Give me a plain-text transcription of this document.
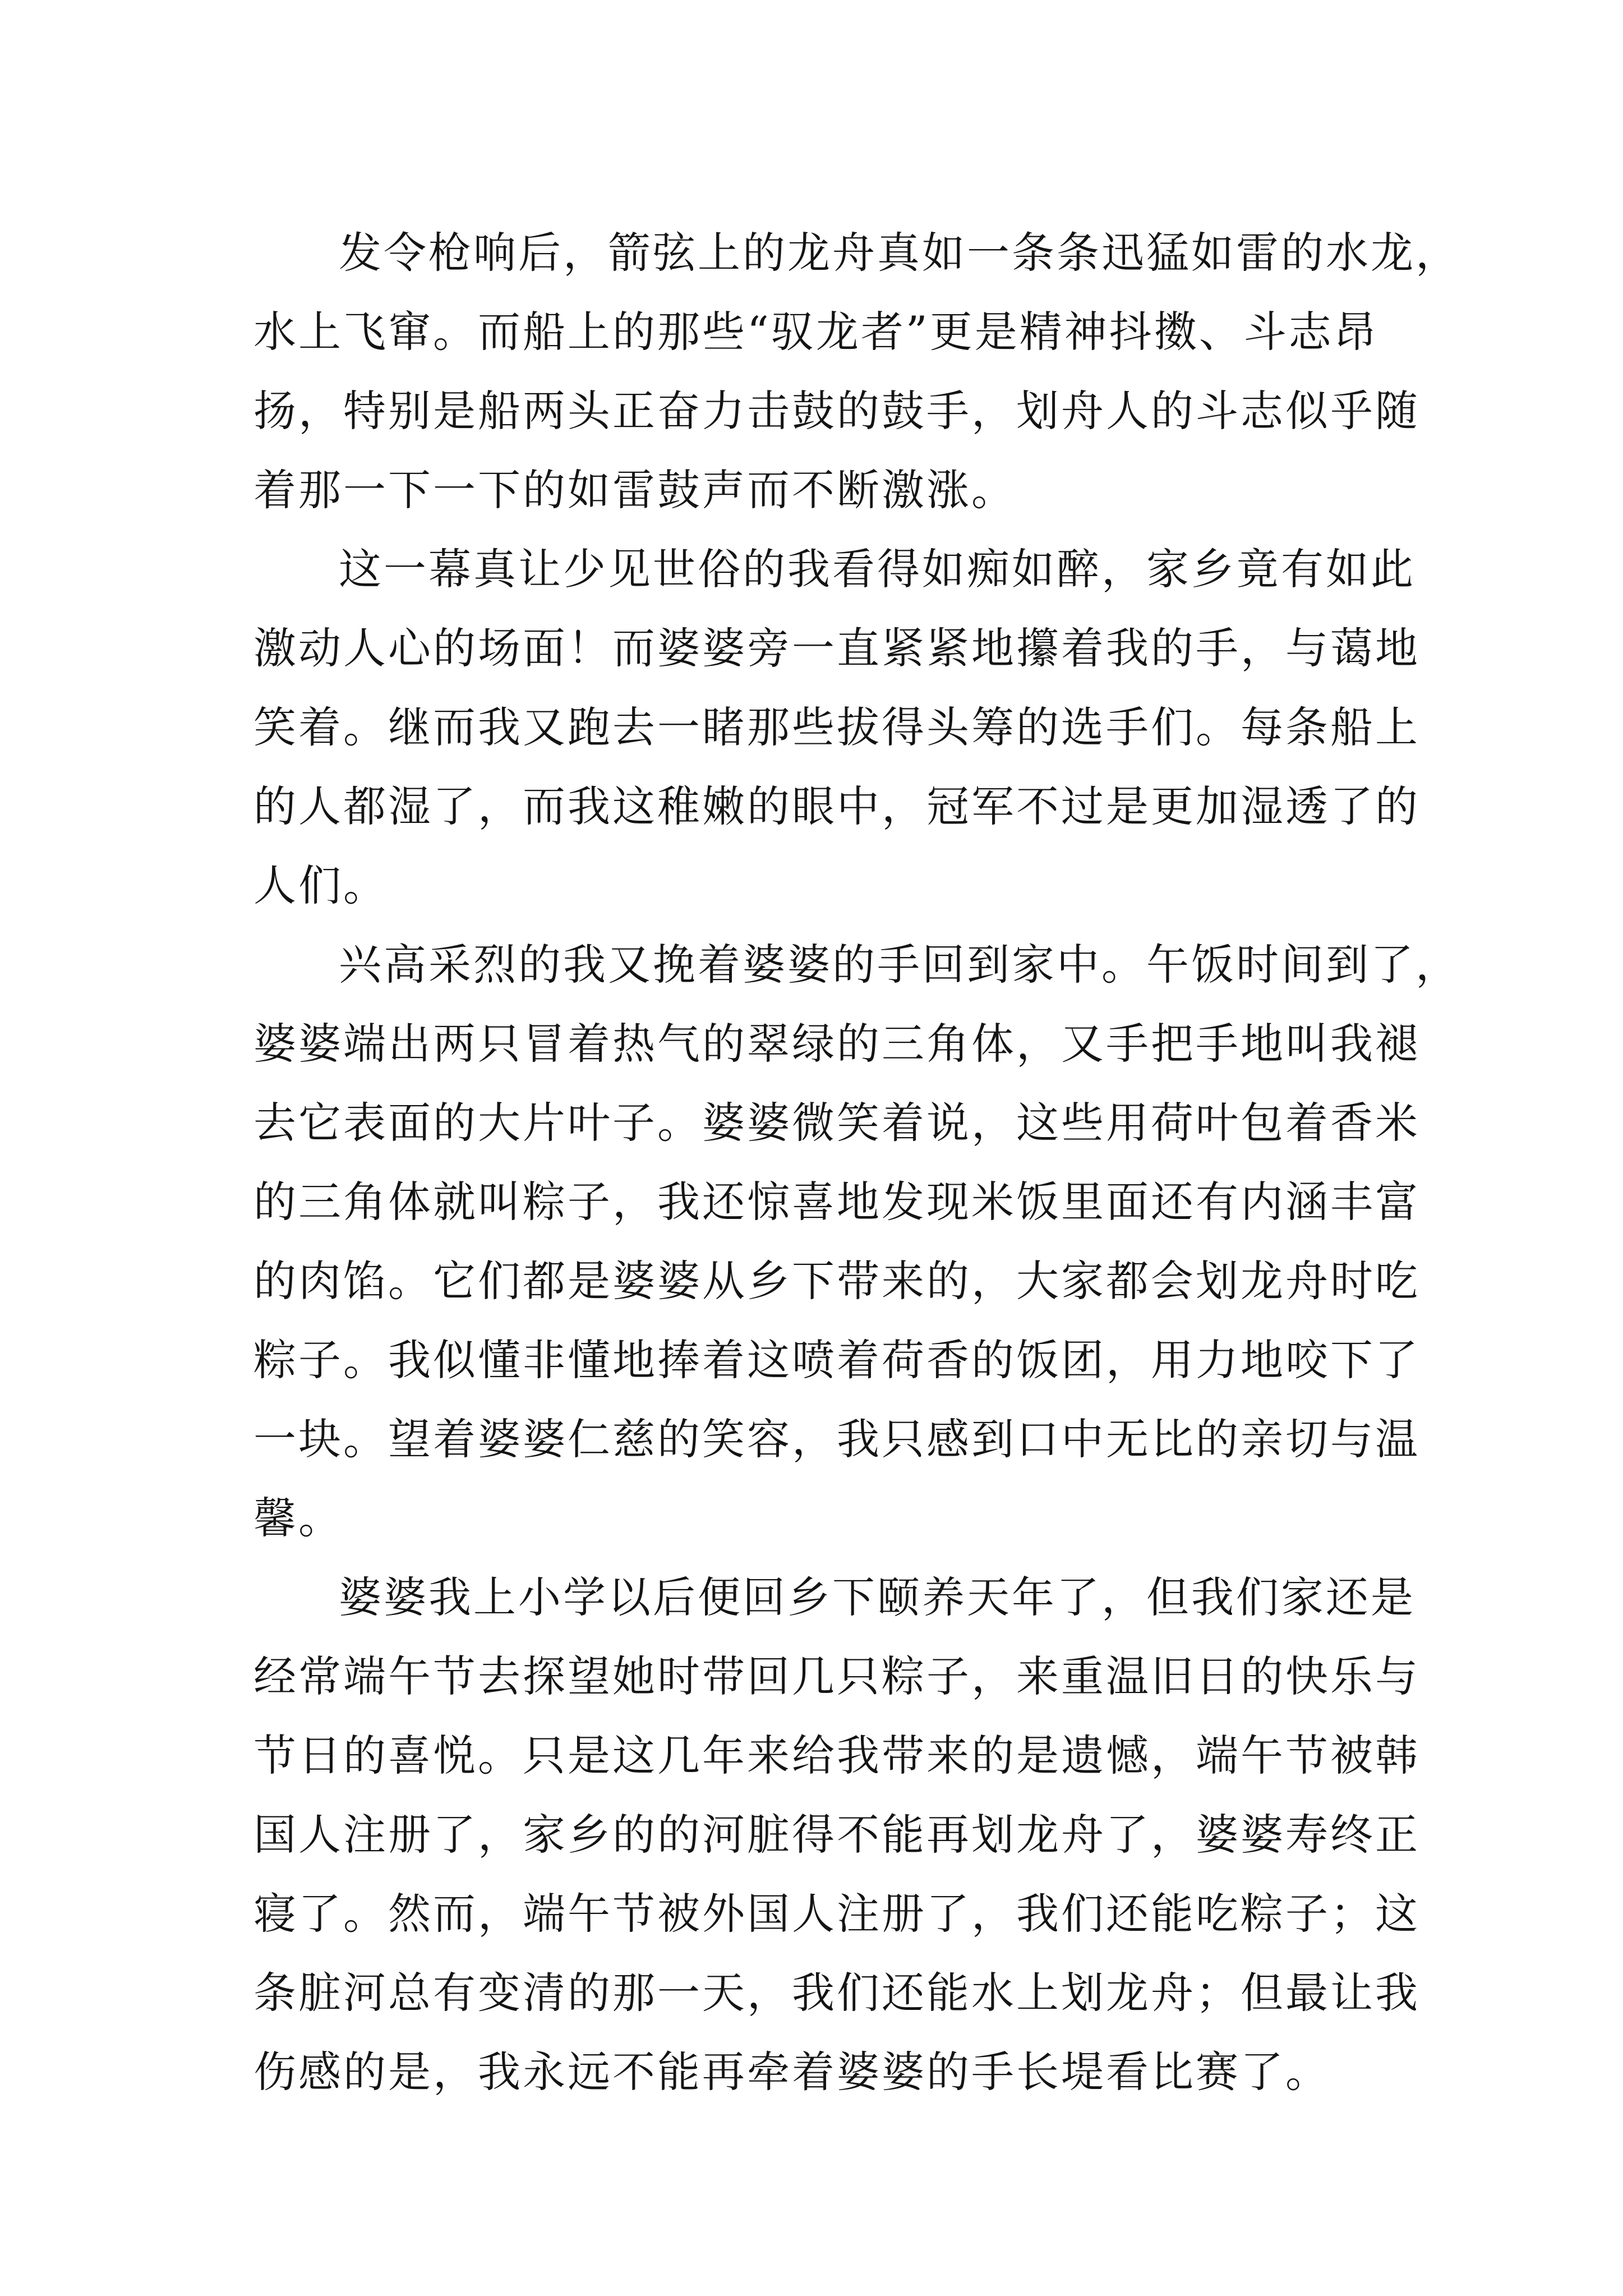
发令枪响后，箭弦上的龙舟真如一条条迅猛如雷的水龙，
水上飞窜。而船上的那些“驭龙者”更是精神抖擞、斗志昂
扬，特别是船两头正奋力击鼓的鼓手，划舟人的斗志似乎随
着那一下一下的如雷鼓声而不断激涨。
这一幕真让少见世俗的我看得如痴如醉，家乡竟有如此
激动人心的场面！而婆婆旁一直紧紧地攥着我的手，与蔼地
笑着。继而我又跑去一睹那些拔得头筹的选手们。每条船上
的人都湿了，而我这稚嫩的眼中，冠军不过是更加湿透了的
人们。
兴高采烈的我又挽着婆婆的手回到家中。午饭时间到了，
婆婆端出两只冒着热气的翠绿的三角体，又手把手地叫我褪
去它表面的大片叶子。婆婆微笑着说，这些用荷叶包着香米
的三角体就叫粽子，我还惊喜地发现米饭里面还有内涵丰富
的肉馅。它们都是婆婆从乡下带来的，大家都会划龙舟时吃
粽子。我似懂非懂地捧着这喷着荷香的饭团，用力地咬下了
一块。望着婆婆仁慈的笑容，我只感到口中无比的亲切与温
馨。
婆婆我上小学以后便回乡下颐养天年了，但我们家还是
经常端午节去探望她时带回几只粽子，来重温旧日的快乐与
节日的喜悦。只是这几年来给我带来的是遗憾，端午节被韩
国人注册了，家乡的的河脏得不能再划龙舟了，婆婆寿终正
寝了。然而，端午节被外国人注册了，我们还能吃粽子；这
条脏河总有变清的那一天，我们还能水上划龙舟；但最让我
伤感的是，我永远不能再牵着婆婆的手长堤看比赛了。
